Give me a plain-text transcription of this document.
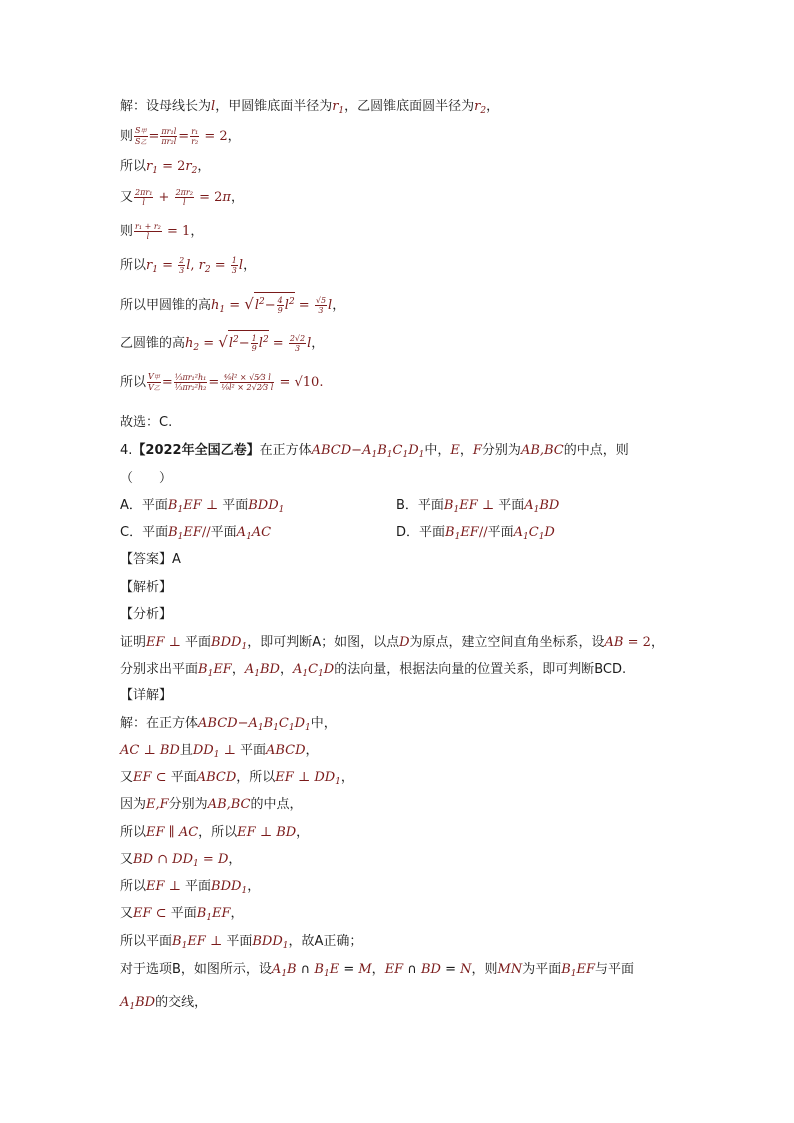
解：设母线长为l，甲圆锥底面半径为$r_1$，乙圆锥底面圆半径为$r_2$，
则 $\frac{\text{S甲}}{\text{S乙}} = \frac{\text{πr₁l}}{\text{πr₂l}} = \frac{\text{r₁}}{\text{r₂}} = 2$，
所以$r_1 = 2r_2$，
又 $\frac{\text{2πr₁}}{l} + \frac{\text{2πr₂}}{l} = 2\pi$，
则 $\frac{\text{r₁ + r₂}}{l} = 1$，
所以$r_1 = \frac{2}{3} l$, $r_2 = \frac{1}{3}$ l，
所以甲圆锥的高$h_1 = √l^2- \frac{4}{9} l^2 = \frac{√5}{3}$ l，
乙圆锥的高$h_2 = √l^2- \frac{1}{9} l^2 = \frac{2√2}{3}$ l，
所以 $\frac{\text{V甲}}{\text{V乙}} = \frac{\text{⅓πr₁²h₁}}{\text{⅓πr₂²h₂}} = \frac{\text{⁴⁄₉l² × √5⁄3 l}}{\text{¹⁄₉l² × 2√2⁄3 l}} = √10$.
故选：C.
4.【2022年全国乙卷】在正方体$ABCD-A_1B_1C_1D_1$中，E，F分别为AB,BC的中点，则
（　　）
A．平面$B_1EF$ ⊥ 平面$BDD_1$	B．平面$B_1EF$ ⊥ 平面$A_1BD$
C．平面$B_1EF//$平面$A_1AC$	D．平面$B_1EF//$平面$A_1C_1D$
【答案】A
【解析】
【分析】
证明EF ⊥ 平面$BDD_1$，即可判断A；如图，以点D为原点，建立空间直角坐标系，设AB = 2，
分别求出平面$B_1EF$，$A_1BD$，$A_1C_1D$的法向量，根据法向量的位置关系，即可判断BCD.
【详解】
解：在正方体$ABCD-A_1B_1C_1D_1$中，
AC ⊥ BD且$DD_1$ ⊥ 平面ABCD，
又EF ⊂ 平面ABCD，所以EF ⊥ $DD_1$，
因为E,F分别为AB,BC的中点，
所以EF ∥ AC，所以EF ⊥ BD，
又BD ∩ $DD_1 = D$，
所以EF ⊥ 平面$BDD_1$，
又EF ⊂ 平面$B_1EF$，
所以平面$B_1EF$ ⊥ 平面$BDD_1$，故A正确；
对于选项B，如图所示，设$A_1B$ ∩ $B_1E = M$，EF ∩ BD = N，则MN为平面$B_1EF$与平面
$A_1BD$的交线，
